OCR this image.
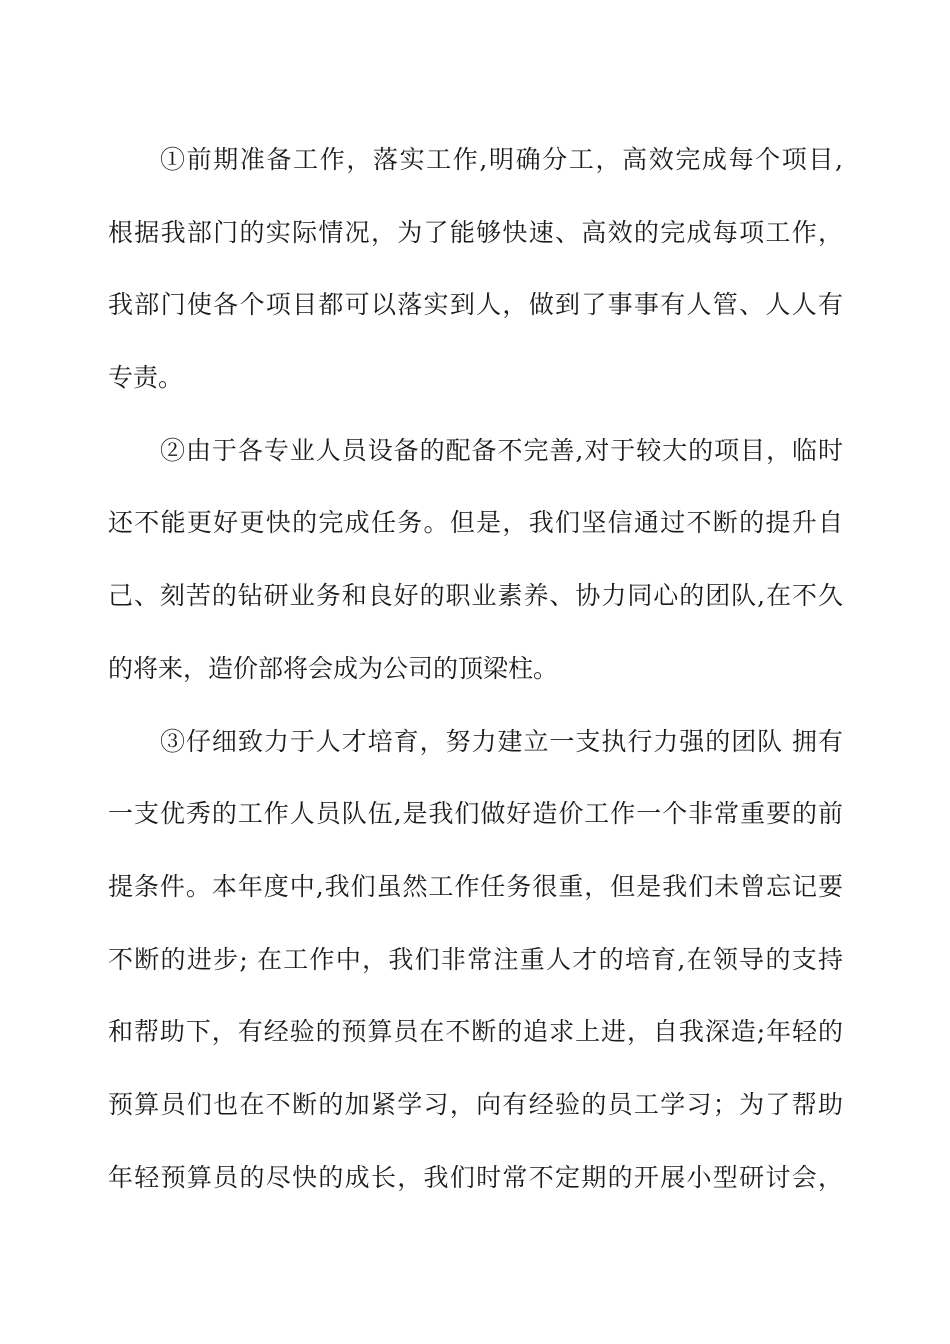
①前期准备工作，落实工作,明确分工，高效完成每个项目,
根据我部门的实际情况，为了能够快速、高效的完成每项工作，
我部门使各个项目都可以落实到人，做到了事事有人管、人人有
专责。
②由于各专业人员设备的配备不完善,对于较大的项目，临时
还不能更好更快的完成任务。但是，我们坚信通过不断的提升自
己、刻苦的钻研业务和良好的职业素养、协力同心的团队,在不久
的将来，造价部将会成为公司的顶梁柱。
③仔细致力于人才培育，努力建立一支执行力强的团队 拥有
一支优秀的工作人员队伍,是我们做好造价工作一个非常重要的前
提条件。本年度中,我们虽然工作任务很重，但是我们未曾忘记要
不断的进步; 在工作中，我们非常注重人才的培育,在领导的支持
和帮助下，有经验的预算员在不断的追求上进，自我深造;年轻的
预算员们也在不断的加紧学习，向有经验的员工学习；为了帮助
年轻预算员的尽快的成长，我们时常不定期的开展小型研讨会，
